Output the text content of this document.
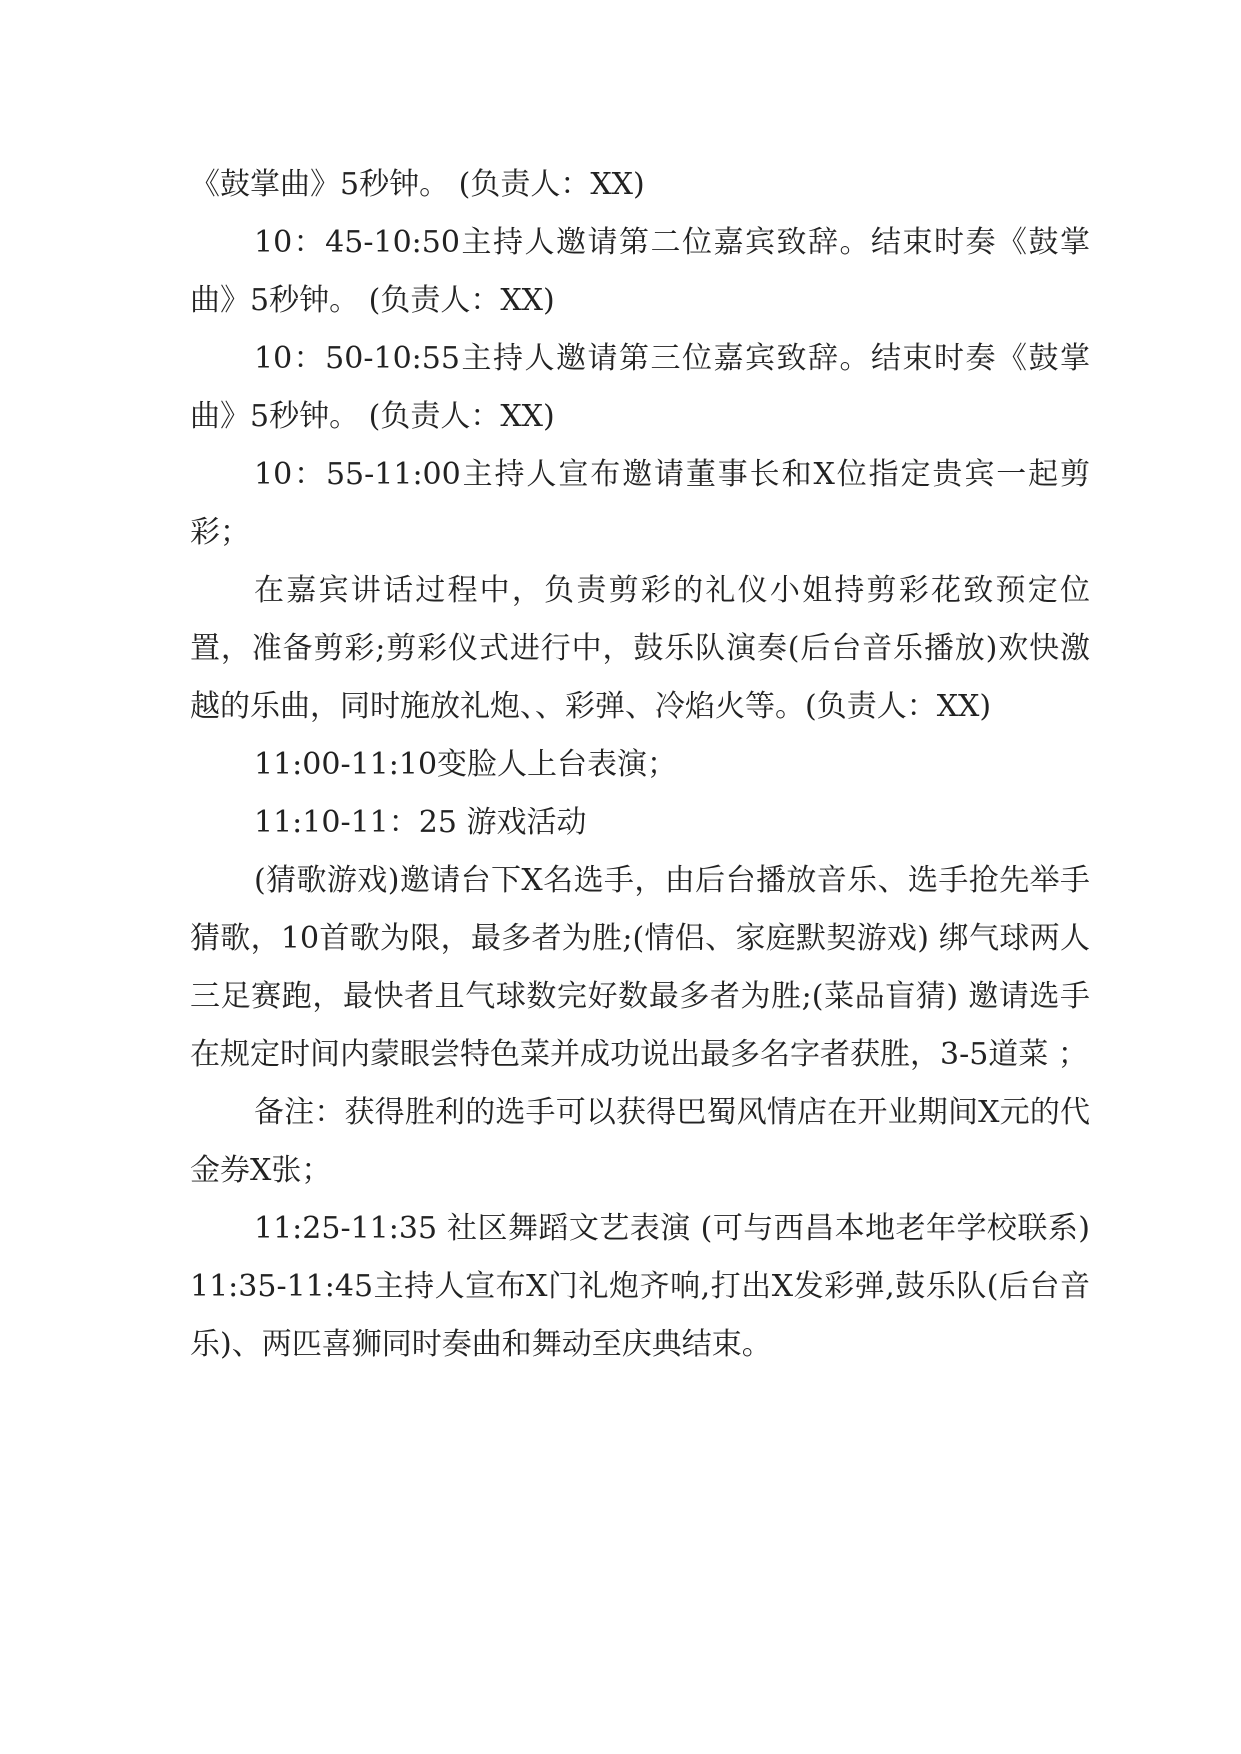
《鼓掌曲》5秒钟。 (负责人：XX)

10：45-10:50主持人邀请第二位嘉宾致辞。结束时奏《鼓掌曲》5秒钟。 (负责人：XX)

10：50-10:55主持人邀请第三位嘉宾致辞。结束时奏《鼓掌曲》5秒钟。 (负责人：XX)

10：55-11:00主持人宣布邀请董事长和X位指定贵宾一起剪彩；

在嘉宾讲话过程中，负责剪彩的礼仪小姐持剪彩花致预定位置，准备剪彩;剪彩仪式进行中，鼓乐队演奏(后台音乐播放)欢快激越的乐曲，同时施放礼炮、、彩弹、冷焰火等。(负责人：XX)

11:00-11:10变脸人上台表演；

11:10-11：25 游戏活动

(猜歌游戏)邀请台下X名选手，由后台播放音乐、选手抢先举手猜歌，10首歌为限，最多者为胜;(情侣、家庭默契游戏) 绑气球两人三足赛跑，最快者且气球数完好数最多者为胜;(菜品盲猜) 邀请选手在规定时间内蒙眼尝特色菜并成功说出最多名字者获胜，3-5道菜 ；

备注：获得胜利的选手可以获得巴蜀风情店在开业期间X元的代金券X张；

11:25-11:35 社区舞蹈文艺表演 (可与西昌本地老年学校联系) 11:35-11:45主持人宣布X门礼炮齐响,打出X发彩弹,鼓乐队(后台音乐)、两匹喜狮同时奏曲和舞动至庆典结束。
